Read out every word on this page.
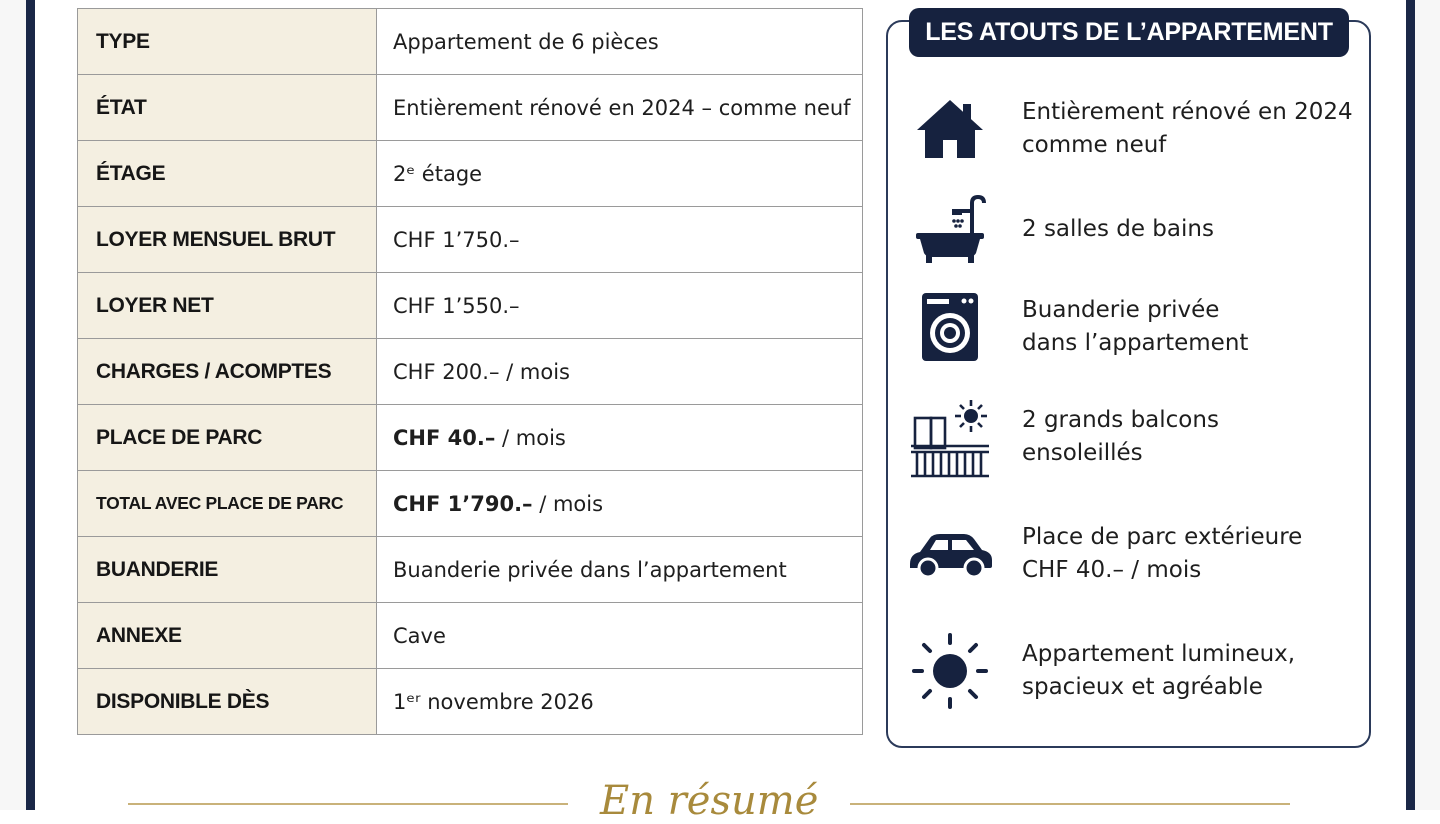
TYPE	Appartement de 6 pièces
ÉTAT	Entièrement rénové en 2024 – comme neuf
ÉTAGE	2ᵉ étage
LOYER MENSUEL BRUT	CHF 1’750.–
LOYER NET	CHF 1’550.–
CHARGES / ACOMPTES	CHF 200.– / mois
PLACE DE PARC	CHF 40.– / mois
TOTAL AVEC PLACE DE PARC	CHF 1’790.– / mois
BUANDERIE	Buanderie privée dans l’appartement
ANNEXE	Cave
DISPONIBLE DÈS	1ᵉʳ novembre 2026
LES ATOUTS DE L’APPARTEMENT
Entièrement rénové en 2024
comme neuf
2 salles de bains
Buanderie privée
dans l’appartement
2 grands balcons
ensoleillés
Place de parc extérieure
CHF 40.– / mois
Appartement lumineux,
spacieux et agréable
En résumé
